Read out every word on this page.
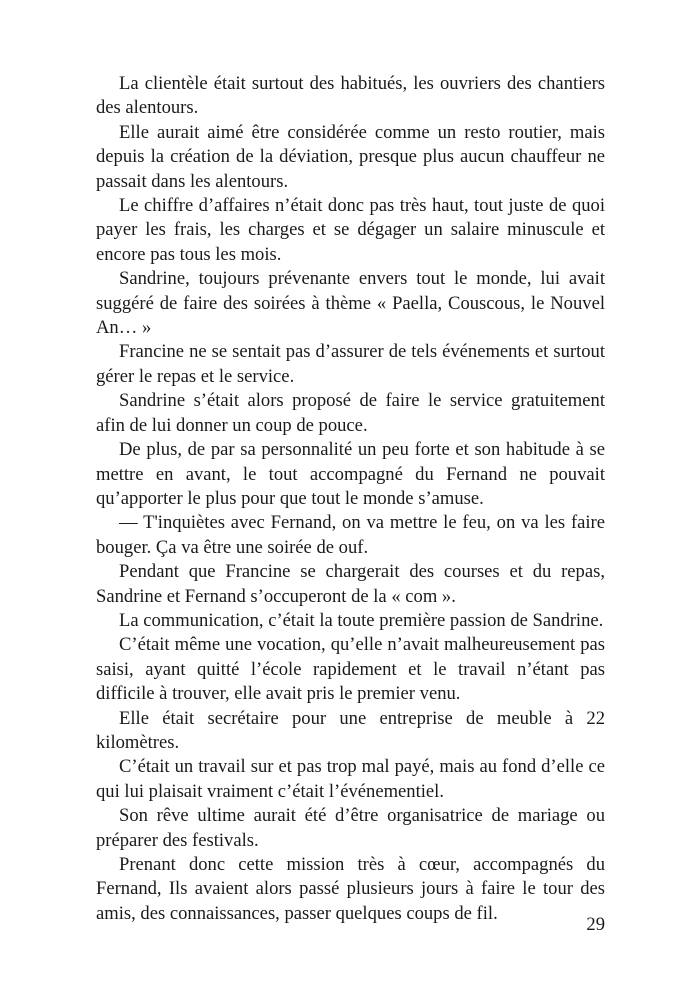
La clientèle était surtout des habitués, les ouvriers des chantiers des alentours.

Elle aurait aimé être considérée comme un resto routier, mais depuis la création de la déviation, presque plus aucun chauffeur ne passait dans les alentours.

Le chiffre d’affaires n’était donc pas très haut, tout juste de quoi payer les frais, les charges et se dégager un salaire minuscule et encore pas tous les mois.

Sandrine, toujours prévenante envers tout le monde, lui avait suggéré de faire des soirées à thème « Paella, Couscous, le Nouvel An… »

Francine ne se sentait pas d’assurer de tels événements et surtout gérer le repas et le service.

Sandrine s’était alors proposé de faire le service gratuitement afin de lui donner un coup de pouce.

De plus, de par sa personnalité un peu forte et son habitude à se mettre en avant, le tout accompagné du Fernand ne pouvait qu’apporter le plus pour que tout le monde s’amuse.

— T'inquiètes avec Fernand, on va mettre le feu, on va les faire bouger. Ça va être une soirée de ouf.

Pendant que Francine se chargerait des courses et du repas, Sandrine et Fernand s’occuperont de la « com ».

La communication, c’était la toute première passion de Sandrine.

C’était même une vocation, qu’elle n’avait malheureusement pas saisi, ayant quitté l’école rapidement et le travail n’étant pas difficile à trouver, elle avait pris le premier venu.

Elle était secrétaire pour une entreprise de meuble à 22 kilomètres.

C’était un travail sur et pas trop mal payé, mais au fond d’elle ce qui lui plaisait vraiment c’était l’événementiel.

Son rêve ultime aurait été d’être organisatrice de mariage ou préparer des festivals.

Prenant donc cette mission très à cœur, accompagnés du Fernand, Ils avaient alors passé plusieurs jours à faire le tour des amis, des connaissances, passer quelques coups de fil.

29
